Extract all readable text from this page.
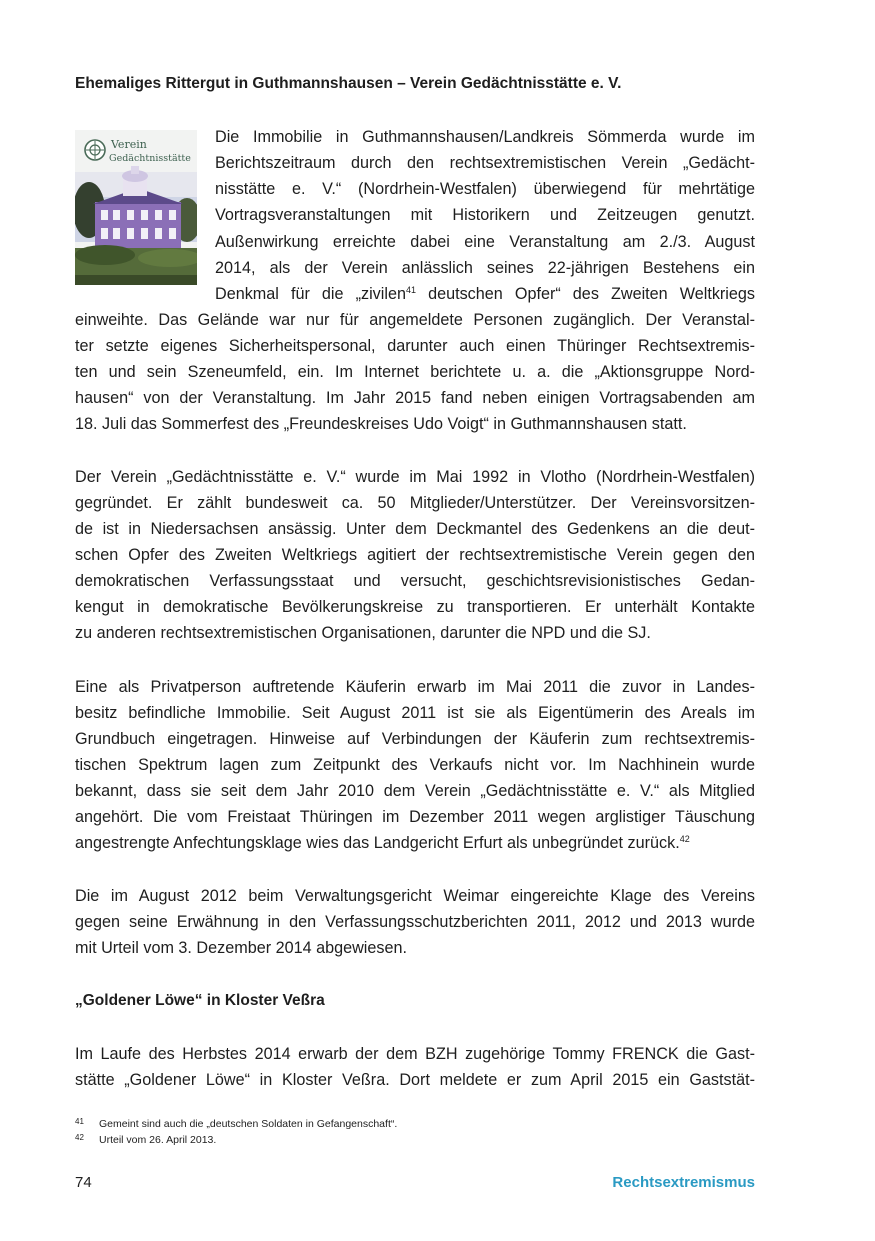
Ehemaliges Rittergut in Guthmannshausen – Verein Gedächtnisstätte e. V.
Verein
Gedächtnisstätte
Die Immobilie in Guthmannshausen/Landkreis Sömmerda wurde im
Berichtszeitraum durch den rechtsextremistischen Verein „Gedächt-
nisstätte e. V.“ (Nordrhein-Westfalen) überwiegend für mehrtätige
Vortragsveranstaltungen mit Historikern und Zeitzeugen genutzt.
Außenwirkung erreichte dabei eine Veranstaltung am 2./3. August
2014, als der Verein anlässlich seines 22-jährigen Bestehens ein
Denkmal für die „zivilen$^{41}$ deutschen Opfer“ des Zweiten Weltkriegs
einweihte. Das Gelände war nur für angemeldete Personen zugänglich. Der Veranstal-
ter setzte eigenes Sicherheitspersonal, darunter auch einen Thüringer Rechtsextremis-
ten und sein Szeneumfeld, ein. Im Internet berichtete u. a. die „Aktionsgruppe Nord-
hausen“ von der Veranstaltung. Im Jahr 2015 fand neben einigen Vortragsabenden am
18. Juli das Sommerfest des „Freundeskreises Udo Voigt“ in Guthmannshausen statt.
Der Verein „Gedächtnisstätte e. V.“ wurde im Mai 1992 in Vlotho (Nordrhein-Westfalen)
gegründet. Er zählt bundesweit ca. 50 Mitglieder/Unterstützer. Der Vereinsvorsitzen-
de ist in Niedersachsen ansässig. Unter dem Deckmantel des Gedenkens an die deut-
schen Opfer des Zweiten Weltkriegs agitiert der rechtsextremistische Verein gegen den
demokratischen Verfassungsstaat und versucht, geschichtsrevisionistisches Gedan-
kengut in demokratische Bevölkerungskreise zu transportieren. Er unterhält Kontakte
zu anderen rechtsextremistischen Organisationen, darunter die NPD und die SJ.
Eine als Privatperson auftretende Käuferin erwarb im Mai 2011 die zuvor in Landes-
besitz befindliche Immobilie. Seit August 2011 ist sie als Eigentümerin des Areals im
Grundbuch eingetragen. Hinweise auf Verbindungen der Käuferin zum rechtsextremis-
tischen Spektrum lagen zum Zeitpunkt des Verkaufs nicht vor. Im Nachhinein wurde
bekannt, dass sie seit dem Jahr 2010 dem Verein „Gedächtnisstätte e. V.“ als Mitglied
angehört. Die vom Freistaat Thüringen im Dezember 2011 wegen arglistiger Täuschung
angestrengte Anfechtungsklage wies das Landgericht Erfurt als unbegründet zurück.$^{42}$
Die im August 2012 beim Verwaltungsgericht Weimar eingereichte Klage des Vereins
gegen seine Erwähnung in den Verfassungsschutzberichten 2011, 2012 und 2013 wurde
mit Urteil vom 3. Dezember 2014 abgewiesen.
„Goldener Löwe“ in Kloster Veßra
Im Laufe des Herbstes 2014 erwarb der dem BZH zugehörige Tommy FRENCK die Gast-
stätte „Goldener Löwe“ in Kloster Veßra. Dort meldete er zum April 2015 ein Gaststät-
41 Gemeint sind auch die „deutschen Soldaten in Gefangenschaft“.
42 Urteil vom 26. April 2013.
74	Rechtsextremismus
